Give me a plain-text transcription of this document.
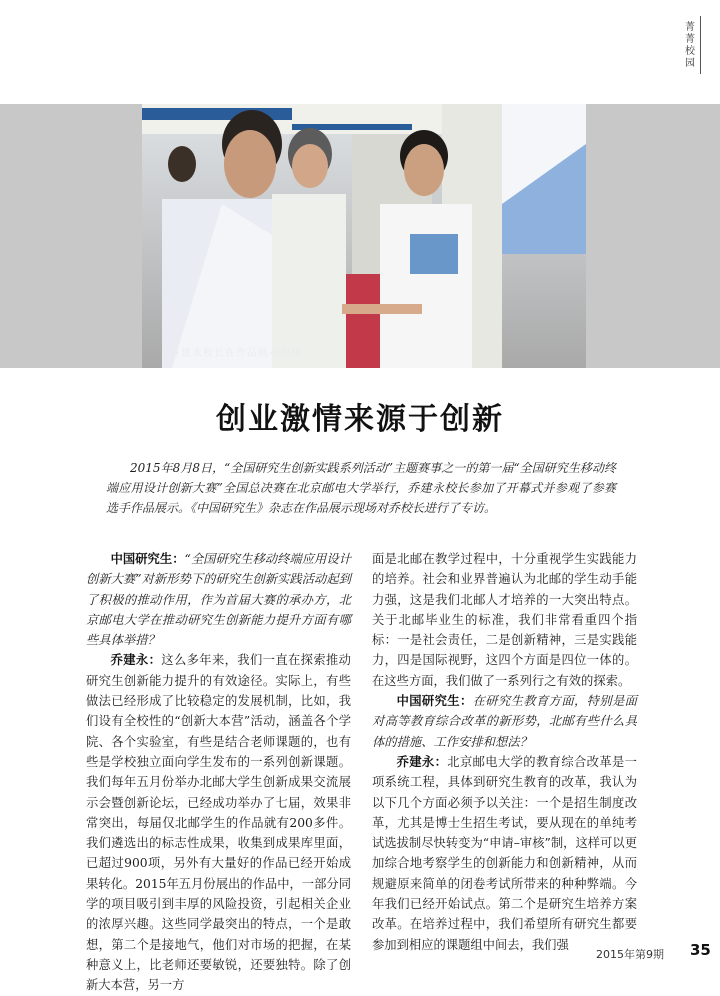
菁菁校园
乔建永校长在作品展示现场
创业激情来源于创新
2015年8月8日，“全国研究生创新实践系列活动”主题赛事之一的第一届“全国研究生移动终端应用设计创新大赛”全国总决赛在北京邮电大学举行，乔建永校长参加了开幕式并参观了参赛选手作品展示。《中国研究生》杂志在作品展示现场对乔校长进行了专访。

中国研究生：“全国研究生移动终端应用设计创新大赛”对新形势下的研究生创新实践活动起到了积极的推动作用，作为首届大赛的承办方，北京邮电大学在推动研究生创新能力提升方面有哪些具体举措？

乔建永：这么多年来，我们一直在探索推动研究生创新能力提升的有效途径。实际上，有些做法已经形成了比较稳定的发展机制，比如，我们设有全校性的“创新大本营”活动，涵盖各个学院、各个实验室，有些是结合老师课题的，也有些是学校独立面向学生发布的一系列创新课题。我们每年五月份举办北邮大学生创新成果交流展示会暨创新论坛，已经成功举办了七届，效果非常突出，每届仅北邮学生的作品就有200多件。我们遴选出的标志性成果，收集到成果库里面，已超过900项，另外有大量好的作品已经开始成果转化。2015年五月份展出的作品中，一部分同学的项目吸引到丰厚的风险投资，引起相关企业的浓厚兴趣。这些同学最突出的特点，一个是敢想，第二个是接地气，他们对市场的把握，在某种意义上，比老师还要敏锐，还要独特。除了创新大本营，另一方

面是北邮在教学过程中，十分重视学生实践能力的培养。社会和业界普遍认为北邮的学生动手能力强，这是我们北邮人才培养的一大突出特点。关于北邮毕业生的标准，我们非常看重四个指标：一是社会责任，二是创新精神，三是实践能力，四是国际视野，这四个方面是四位一体的。在这些方面，我们做了一系列行之有效的探索。

中国研究生：在研究生教育方面，特别是面对高等教育综合改革的新形势，北邮有些什么具体的措施、工作安排和想法？

乔建永：北京邮电大学的教育综合改革是一项系统工程，具体到研究生教育的改革，我认为以下几个方面必须予以关注：一个是招生制度改革，尤其是博士生招生考试，要从现在的单纯考试选拔制尽快转变为“申请–审核”制，这样可以更加综合地考察学生的创新能力和创新精神，从而规避原来简单的闭卷考试所带来的种种弊端。今年我们已经开始试点。第二个是研究生培养方案改革。在培养过程中，我们希望所有研究生都要参加到相应的课题组中间去，我们强

2015年第9期 35
